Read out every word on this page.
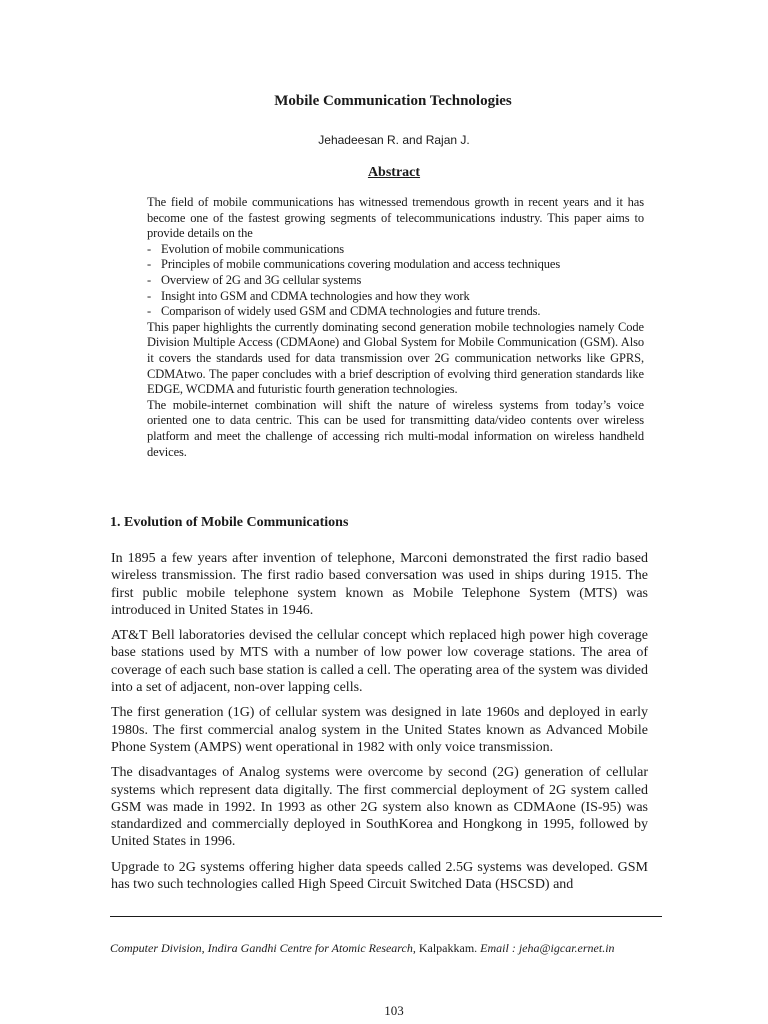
Mobile Communication Technologies
Jehadeesan R. and Rajan J.
Abstract

The field of mobile communications has witnessed tremendous growth in recent years and it has become one of the fastest growing segments of telecommunications industry. This paper aims to provide details on the

- Evolution of mobile communications
- Principles of mobile communications covering modulation and access techniques
- Overview of 2G and 3G cellular systems
- Insight into GSM and CDMA technologies and how they work
- Comparison of widely used GSM and CDMA technologies and future trends.

This paper highlights the currently dominating second generation mobile technologies namely Code Division Multiple Access (CDMAone) and Global System for Mobile Communication (GSM). Also it covers the standards used for data transmission over 2G communication networks like GPRS, CDMAtwo. The paper concludes with a brief description of evolving third generation standards like EDGE, WCDMA and futuristic fourth generation technologies.

The mobile-internet combination will shift the nature of wireless systems from today’s voice oriented one to data centric. This can be used for transmitting data/video contents over wireless platform and meet the challenge of accessing rich multi-modal information on wireless handheld devices.

1. Evolution of Mobile Communications

In 1895 a few years after invention of telephone, Marconi demonstrated the first radio based wireless transmission. The first radio based conversation was used in ships during 1915. The first public mobile telephone system known as Mobile Telephone System (MTS) was introduced in United States in 1946.

AT&T Bell laboratories devised the cellular concept which replaced high power high coverage base stations used by MTS with a number of low power low coverage stations. The area of coverage of each such base station is called a cell. The operating area of the system was divided into a set of adjacent, non-over lapping cells.

The first generation (1G) of cellular system was designed in late 1960s and deployed in early 1980s. The first commercial analog system in the United States known as Advanced Mobile Phone System (AMPS) went operational in 1982 with only voice transmission.

The disadvantages of Analog systems were overcome by second (2G) generation of cellular systems which represent data digitally. The first commercial deployment of 2G system called GSM was made in 1992. In 1993 as other 2G system also known as CDMAone (IS-95) was standardized and commercially deployed in SouthKorea and Hongkong in 1995, followed by United States in 1996.

Upgrade to 2G systems offering higher data speeds called 2.5G systems was developed. GSM has two such technologies called High Speed Circuit Switched Data (HSCSD) and

Computer Division, Indira Gandhi Centre for Atomic Research, Kalpakkam. Email : jeha@igcar.ernet.in
103
